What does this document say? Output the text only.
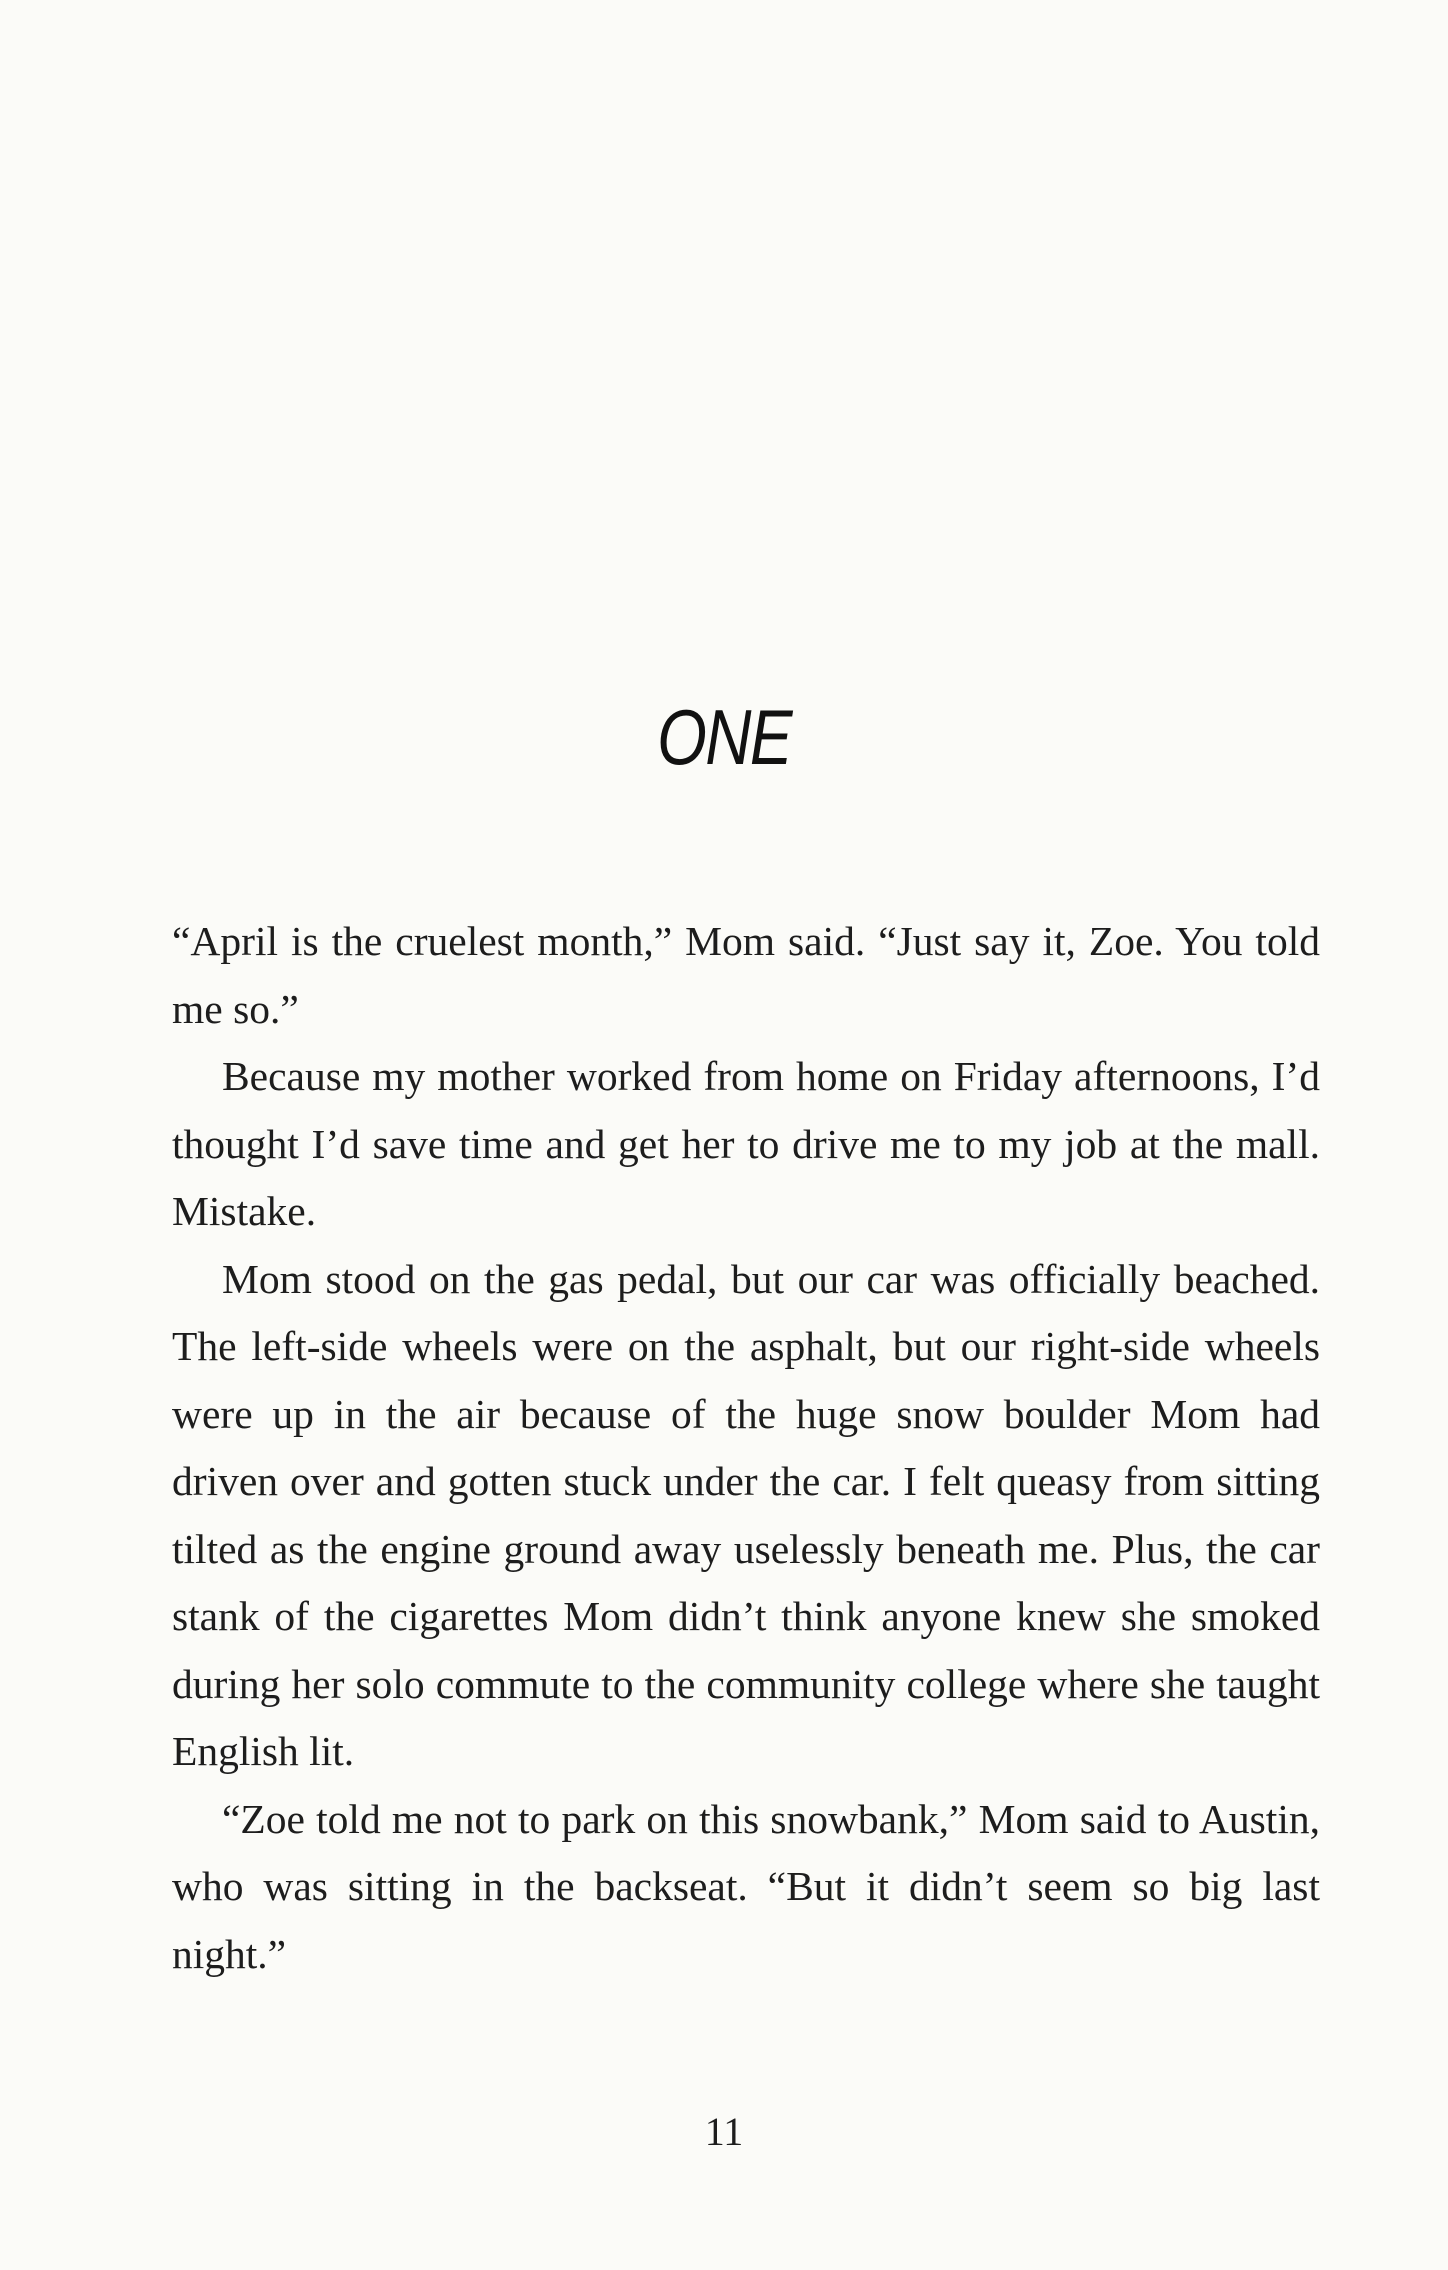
ONE

“April is the cruelest month,” Mom said. “Just say it, Zoe. You told me so.”

Because my mother worked from home on Friday afternoons, I’d thought I’d save time and get her to drive me to my job at the mall. Mistake.

Mom stood on the gas pedal, but our car was officially beached. The left-side wheels were on the asphalt, but our right-side wheels were up in the air because of the huge snow boulder Mom had driven over and gotten stuck under the car. I felt queasy from sitting tilted as the engine ground away uselessly beneath me. Plus, the car stank of the cigarettes Mom didn’t think anyone knew she smoked during her solo commute to the community college where she taught English lit.

“Zoe told me not to park on this snowbank,” Mom said to Austin, who was sitting in the backseat. “But it didn’t seem so big last night.”

11
